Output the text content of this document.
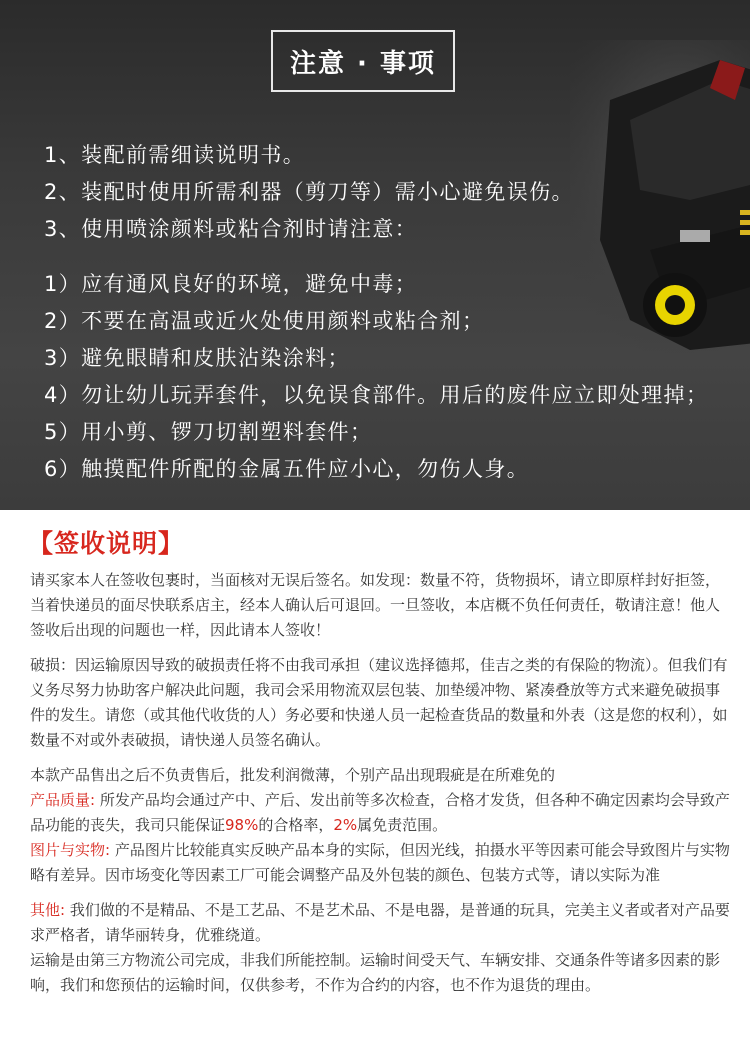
注意 · 事项
1、装配前需细读说明书。
2、装配时使用所需利器（剪刀等）需小心避免误伤。
3、使用喷涂颜料或粘合剂时请注意：
1）应有通风良好的环境，避免中毒；
2）不要在高温或近火处使用颜料或粘合剂；
3）避免眼睛和皮肤沾染涂料；
4）勿让幼儿玩弄套件，以免误食部件。用后的废件应立即处理掉；
5）用小剪、锣刀切割塑料套件；
6）触摸配件所配的金属五件应小心，勿伤人身。
【签收说明】

请买家本人在签收包裹时，当面核对无误后签名。如发现：数量不符，货物损坏，请立即原样封好拒签，当着快递员的面尽快联系店主，经本人确认后可退回。一旦签收，本店概不负任何责任，敬请注意！他人签收后出现的问题也一样，因此请本人签收！

破损：因运输原因导致的破损责任将不由我司承担（建议选择德邦，佳吉之类的有保险的物流）。但我们有义务尽努力协助客户解决此问题，我司会采用物流双层包装、加垫缓冲物、紧凑叠放等方式来避免破损事件的发生。请您（或其他代收货的人）务必要和快递人员一起检查货品的数量和外表（这是您的权利），如数量不对或外表破损，请快递人员签名确认。

本款产品售出之后不负责售后，批发利润微薄，个别产品出现瑕疵是在所难免的

产品质量: 所发产品均会通过产中、产后、发出前等多次检查，合格才发货，但各种不确定因素均会导致产品功能的丧失，我司只能保证98%的合格率，2%属免责范围。

图片与实物: 产品图片比较能真实反映产品本身的实际，但因光线，拍摄水平等因素可能会导致图片与实物略有差异。因市场变化等因素工厂可能会调整产品及外包装的颜色、包装方式等，请以实际为准

其他: 我们做的不是精品、不是工艺品、不是艺术品、不是电器，是普通的玩具，完美主义者或者对产品要求严格者，请华丽转身，优雅绕道。

运输是由第三方物流公司完成，非我们所能控制。运输时间受天气、车辆安排、交通条件等诸多因素的影响，我们和您预估的运输时间，仅供参考，不作为合约的内容，也不作为退货的理由。
